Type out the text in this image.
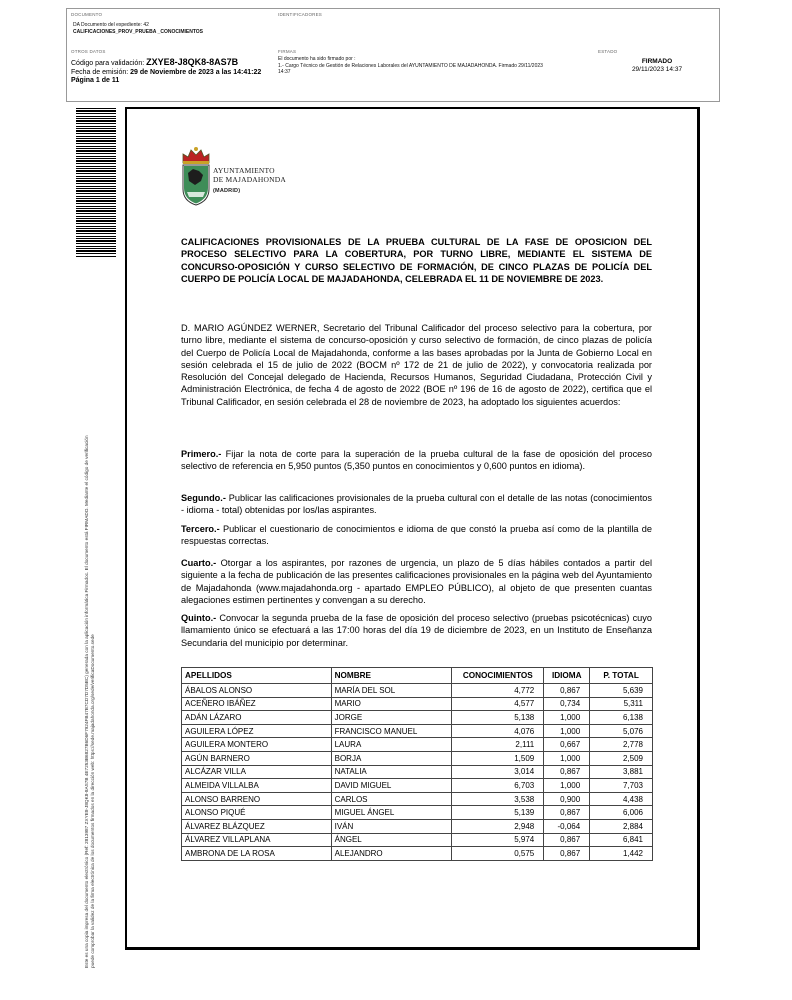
DOCUMENTO
DA Documento del expediente: 42 CALIFICACIONES_PROV_PRUEBA _CONOCIMIENTOS
IDENTIFICADORES
OTROS DATOS
Código para validación: ZXYE8-J8QK8-8AS7B
Fecha de emisión: 29 de Noviembre de 2023 a las 14:41:22
Página 1 de 11
FIRMAS
El documento ha sido firmado por :
1.- Cargo Técnico de Gestión de Relaciones Laborales del AYUNTAMIENTO DE MAJADAHONDA. Firmado 29/11/2023
14:37
ESTADO
FIRMADO
29/11/2023 14:37
Este es una copia impresa del documento electrónico (Ref: 2813987 ZXYE8-J8QK8-8AS7B 4E7253B6827B6D6F7924FB47B7CD7D7D5BC) generada con la aplicación informática Firmadoc. El documento está FIRMADO. Mediante el código de verificación puede comprobar la validez de la firma electrónica de los documentos firmados en la dirección web: https://sede.majadahonda.org/sede/verificaDocumento.sede
AYUNTAMIENTO
DE MAJADAHONDA
(MADRID)
CALIFICACIONES PROVISIONALES DE LA PRUEBA CULTURAL DE LA FASE DE OPOSICION DEL PROCESO SELECTIVO PARA LA COBERTURA, POR TURNO LIBRE, MEDIANTE EL SISTEMA DE CONCURSO-OPOSICIÓN Y CURSO SELECTIVO DE FORMACIÓN, DE CINCO PLAZAS DE POLICÍA DEL CUERPO DE POLICÍA LOCAL DE MAJADAHONDA, CELEBRADA EL 11 DE NOVIEMBRE DE 2023.
D. MARIO AGÚNDEZ WERNER, Secretario del Tribunal Calificador del proceso selectivo para la cobertura, por turno libre, mediante el sistema de concurso-oposición y curso selectivo de formación, de cinco plazas de policía del Cuerpo de Policía Local de Majadahonda, conforme a las bases aprobadas por la Junta de Gobierno Local en sesión celebrada el 15 de julio de 2022 (BOCM nº 172 de 21 de julio de 2022), y convocatoria realizada por Resolución del Concejal delegado de Hacienda, Recursos Humanos, Seguridad Ciudadana, Protección Civil y Administración Electrónica, de fecha 4 de agosto de 2022 (BOE nº 196 de 16 de agosto de 2022), certifica que el Tribunal Calificador, en sesión celebrada el 28 de noviembre de 2023, ha adoptado los siguientes acuerdos:
Primero.- Fijar la nota de corte para la superación de la prueba cultural de la fase de oposición del proceso selectivo de referencia en 5,950 puntos (5,350 puntos en conocimientos y 0,600 puntos en idioma).
Segundo.- Publicar las calificaciones provisionales de la prueba cultural con el detalle de las notas (conocimientos - idioma - total) obtenidas por los/las aspirantes.
Tercero.- Publicar el cuestionario de conocimientos e idioma de que constó la prueba así como de la plantilla de respuestas correctas.
Cuarto.- Otorgar a los aspirantes, por razones de urgencia, un plazo de 5 días hábiles contados a partir del siguiente a la fecha de publicación de las presentes calificaciones provisionales en la página web del Ayuntamiento de Majadahonda (www.majadahonda.org - apartado EMPLEO PÚBLICO), al objeto de que presenten cuantas alegaciones estimen pertinentes y convengan a su derecho.
Quinto.- Convocar la segunda prueba de la fase de oposición del proceso selectivo (pruebas psicotécnicas) cuyo llamamiento único se efectuará a las 17:00 horas del día 19 de diciembre de 2023, en un Instituto de Enseñanza Secundaria del municipio por determinar.
APELLIDOS	NOMBRE	CONOCIMIENTOS	IDIOMA	P. TOTAL
ÁBALOS ALONSO	MARÍA DEL SOL	4,772	0,867	5,639
ACEÑERO IBÁÑEZ	MARIO	4,577	0,734	5,311
ADÁN LÁZARO	JORGE	5,138	1,000	6,138
AGUILERA LÓPEZ	FRANCISCO MANUEL	4,076	1,000	5,076
AGUILERA MONTERO	LAURA	2,111	0,667	2,778
AGÚN BARNERO	BORJA	1,509	1,000	2,509
ALCÁZAR VILLA	NATALIA	3,014	0,867	3,881
ALMEIDA VILLALBA	DAVID MIGUEL	6,703	1,000	7,703
ALONSO BARRENO	CARLOS	3,538	0,900	4,438
ALONSO PIQUÉ	MIGUEL ÁNGEL	5,139	0,867	6,006
ÁLVAREZ BLÁZQUEZ	IVÁN	2,948	-0,064	2,884
ÁLVAREZ VILLAPLANA	ÁNGEL	5,974	0,867	6,841
AMBRONA DE LA ROSA	ALEJANDRO	0,575	0,867	1,442
